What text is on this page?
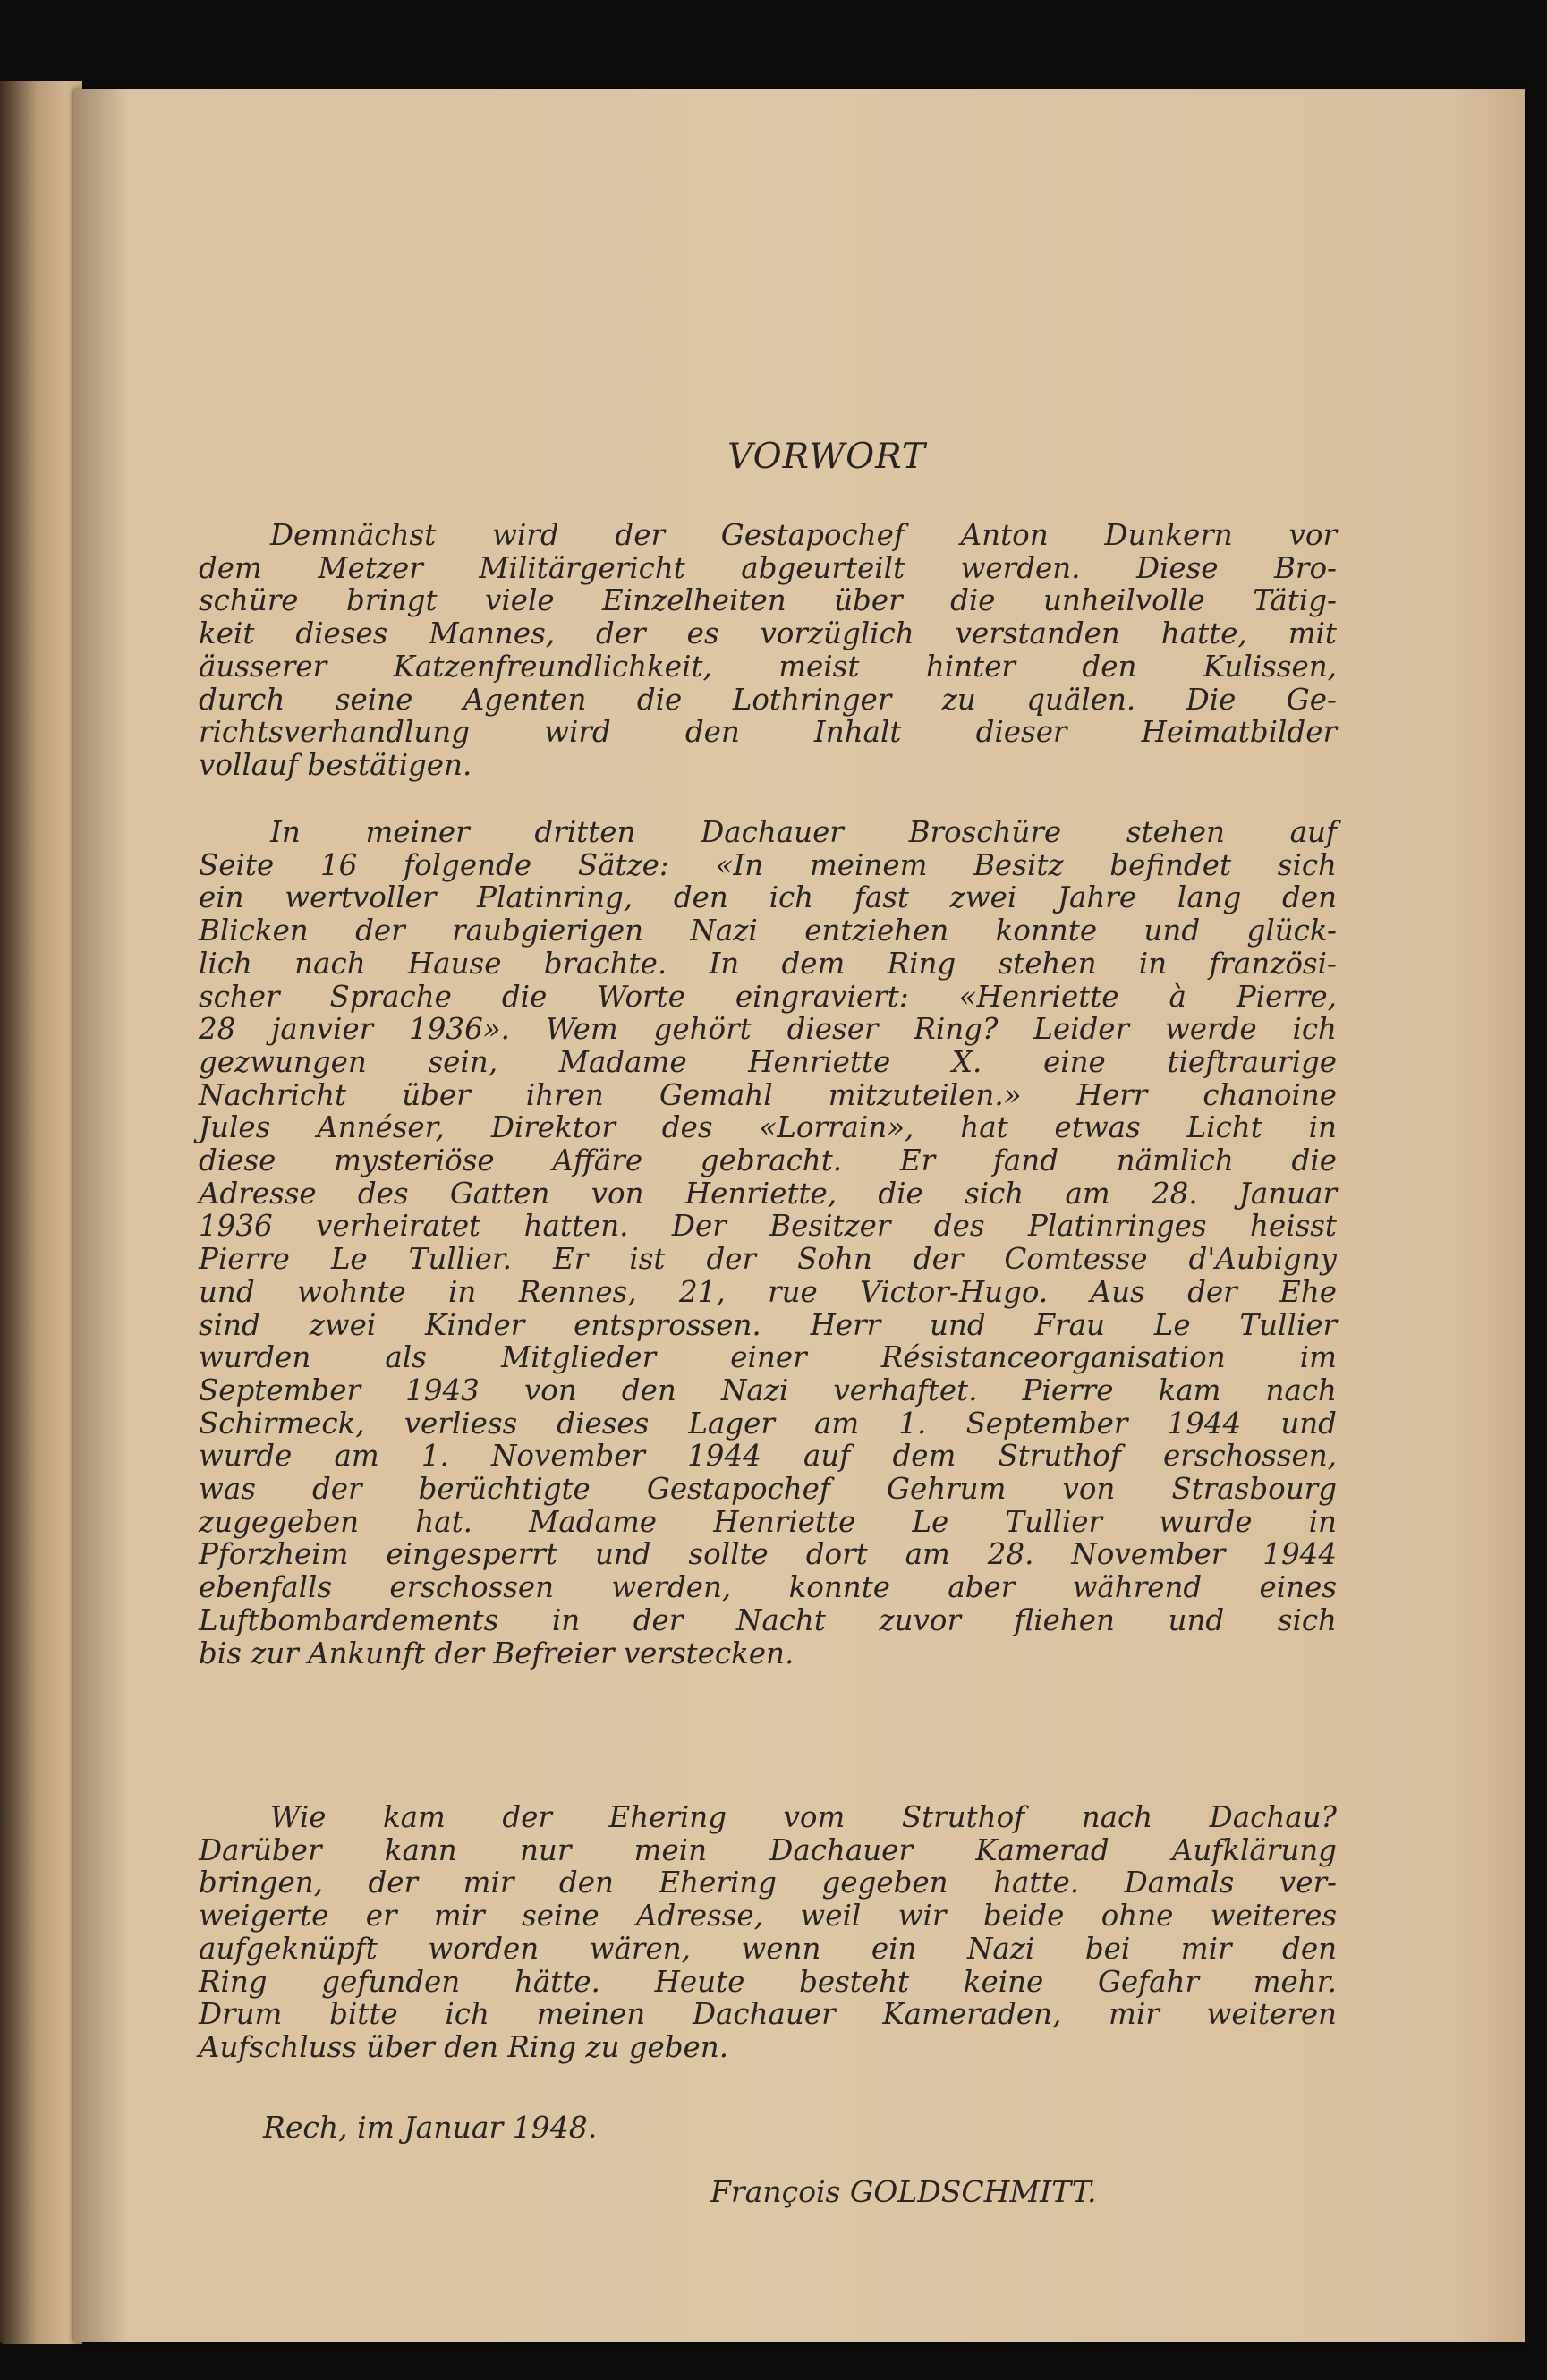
VORWORT
Demnächst wird der Gestapochef Anton Dunkern vor
dem Metzer Militärgericht abgeurteilt werden. Diese Bro-
schüre bringt viele Einzelheiten über die unheilvolle Tätig-
keit dieses Mannes, der es vorzüglich verstanden hatte, mit
äusserer Katzenfreundlichkeit, meist hinter den Kulissen,
durch seine Agenten die Lothringer zu quälen. Die Ge-
richtsverhandlung wird den Inhalt dieser Heimatbilder
vollauf bestätigen.
In meiner dritten Dachauer Broschüre stehen auf
Seite 16 folgende Sätze: «In meinem Besitz befindet sich
ein wertvoller Platinring, den ich fast zwei Jahre lang den
Blicken der raubgierigen Nazi entziehen konnte und glück-
lich nach Hause brachte. In dem Ring stehen in französi-
scher Sprache die Worte eingraviert: «Henriette à Pierre,
28 janvier 1936». Wem gehört dieser Ring? Leider werde ich
gezwungen sein, Madame Henriette X. eine tieftraurige
Nachricht über ihren Gemahl mitzuteilen.» Herr chanoine
Jules Annéser, Direktor des «Lorrain», hat etwas Licht in
diese mysteriöse Affäre gebracht. Er fand nämlich die
Adresse des Gatten von Henriette, die sich am 28. Januar
1936 verheiratet hatten. Der Besitzer des Platinringes heisst
Pierre Le Tullier. Er ist der Sohn der Comtesse d'Aubigny
und wohnte in Rennes, 21, rue Victor-Hugo. Aus der Ehe
sind zwei Kinder entsprossen. Herr und Frau Le Tullier
wurden als Mitglieder einer Résistanceorganisation im
September 1943 von den Nazi verhaftet. Pierre kam nach
Schirmeck, verliess dieses Lager am 1. September 1944 und
wurde am 1. November 1944 auf dem Struthof erschossen,
was der berüchtigte Gestapochef Gehrum von Strasbourg
zugegeben hat. Madame Henriette Le Tullier wurde in
Pforzheim eingesperrt und sollte dort am 28. November 1944
ebenfalls erschossen werden, konnte aber während eines
Luftbombardements in der Nacht zuvor fliehen und sich
bis zur Ankunft der Befreier verstecken.
Wie kam der Ehering vom Struthof nach Dachau?
Darüber kann nur mein Dachauer Kamerad Aufklärung
bringen, der mir den Ehering gegeben hatte. Damals ver-
weigerte er mir seine Adresse, weil wir beide ohne weiteres
aufgeknüpft worden wären, wenn ein Nazi bei mir den
Ring gefunden hätte. Heute besteht keine Gefahr mehr.
Drum bitte ich meinen Dachauer Kameraden, mir weiteren
Aufschluss über den Ring zu geben.

Rech, im Januar 1948.

François GOLDSCHMITT.
